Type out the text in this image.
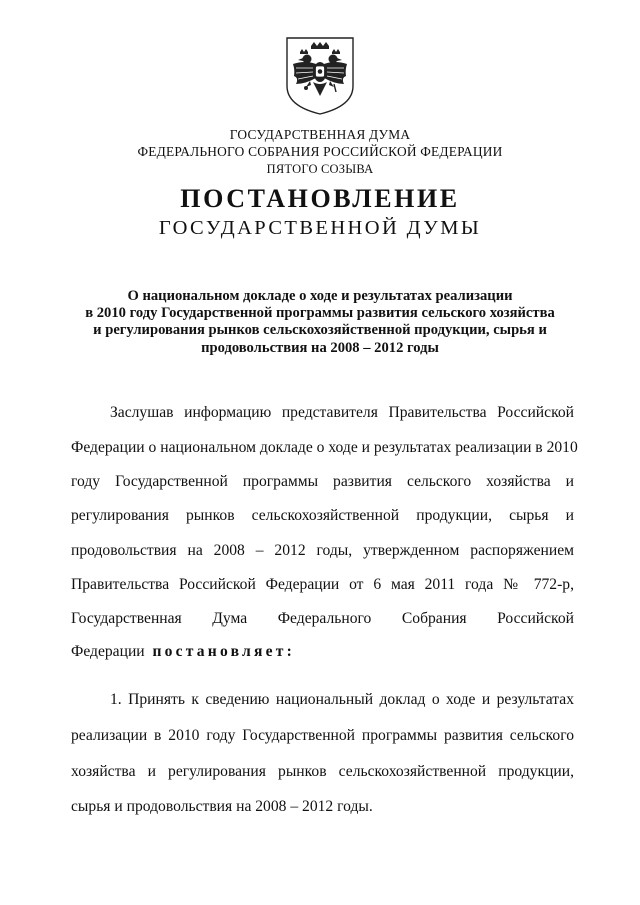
ГОСУДАРСТВЕННАЯ ДУМА
ФЕДЕРАЛЬНОГО СОБРАНИЯ РОССИЙСКОЙ ФЕДЕРАЦИИ
ПЯТОГО СОЗЫВА
ПОСТАНОВЛЕНИЕ
ГОСУДАРСТВЕННОЙ ДУМЫ
О национальном докладе о ходе и результатах реализации
в 2010 году Государственной программы развития сельского хозяйства
и регулирования рынков сельскохозяйственной продукции, сырья и
продовольствия на 2008 – 2012 годы
Заслушав информацию представителя Правительства Российской
Федерации о национальном докладе о ходе и результатах реализации в 2010
году Государственной программы развития сельского хозяйства и
регулирования рынков сельскохозяйственной продукции, сырья и
продовольствия на 2008 – 2012 годы, утвержденном распоряжением
Правительства Российской Федерации от 6 мая 2011 года № 772-р,
Государственная Дума Федерального Собрания Российской
Федерации постановляет:
1. Принять к сведению национальный доклад о ходе и результатах
реализации в 2010 году Государственной программы развития сельского
хозяйства и регулирования рынков сельскохозяйственной продукции,
сырья и продовольствия на 2008 – 2012 годы.
